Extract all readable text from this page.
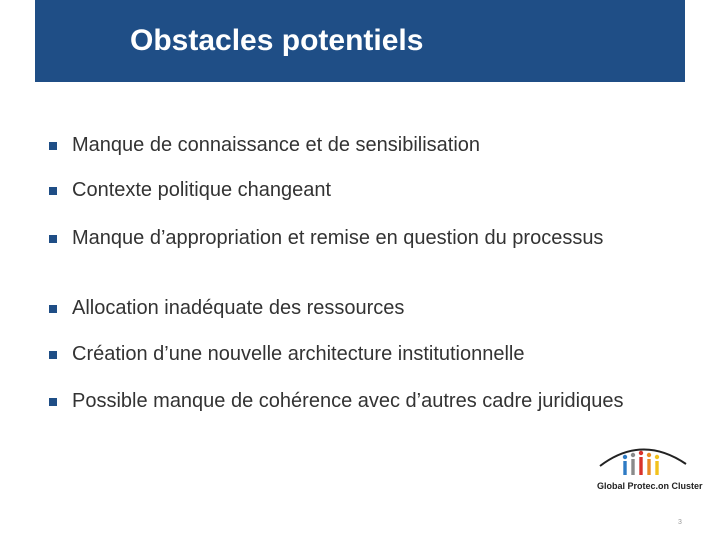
Obstacles potentiels
Manque de connaissance et de sensibilisation
Contexte politique changeant
Manque d’appropriation et remise en question du processus
Allocation inadéquate des ressources
Création d’une nouvelle architecture institutionnelle
Possible manque de cohérence avec d’autres cadre juridiques
Global Protec.on Cluster
3
